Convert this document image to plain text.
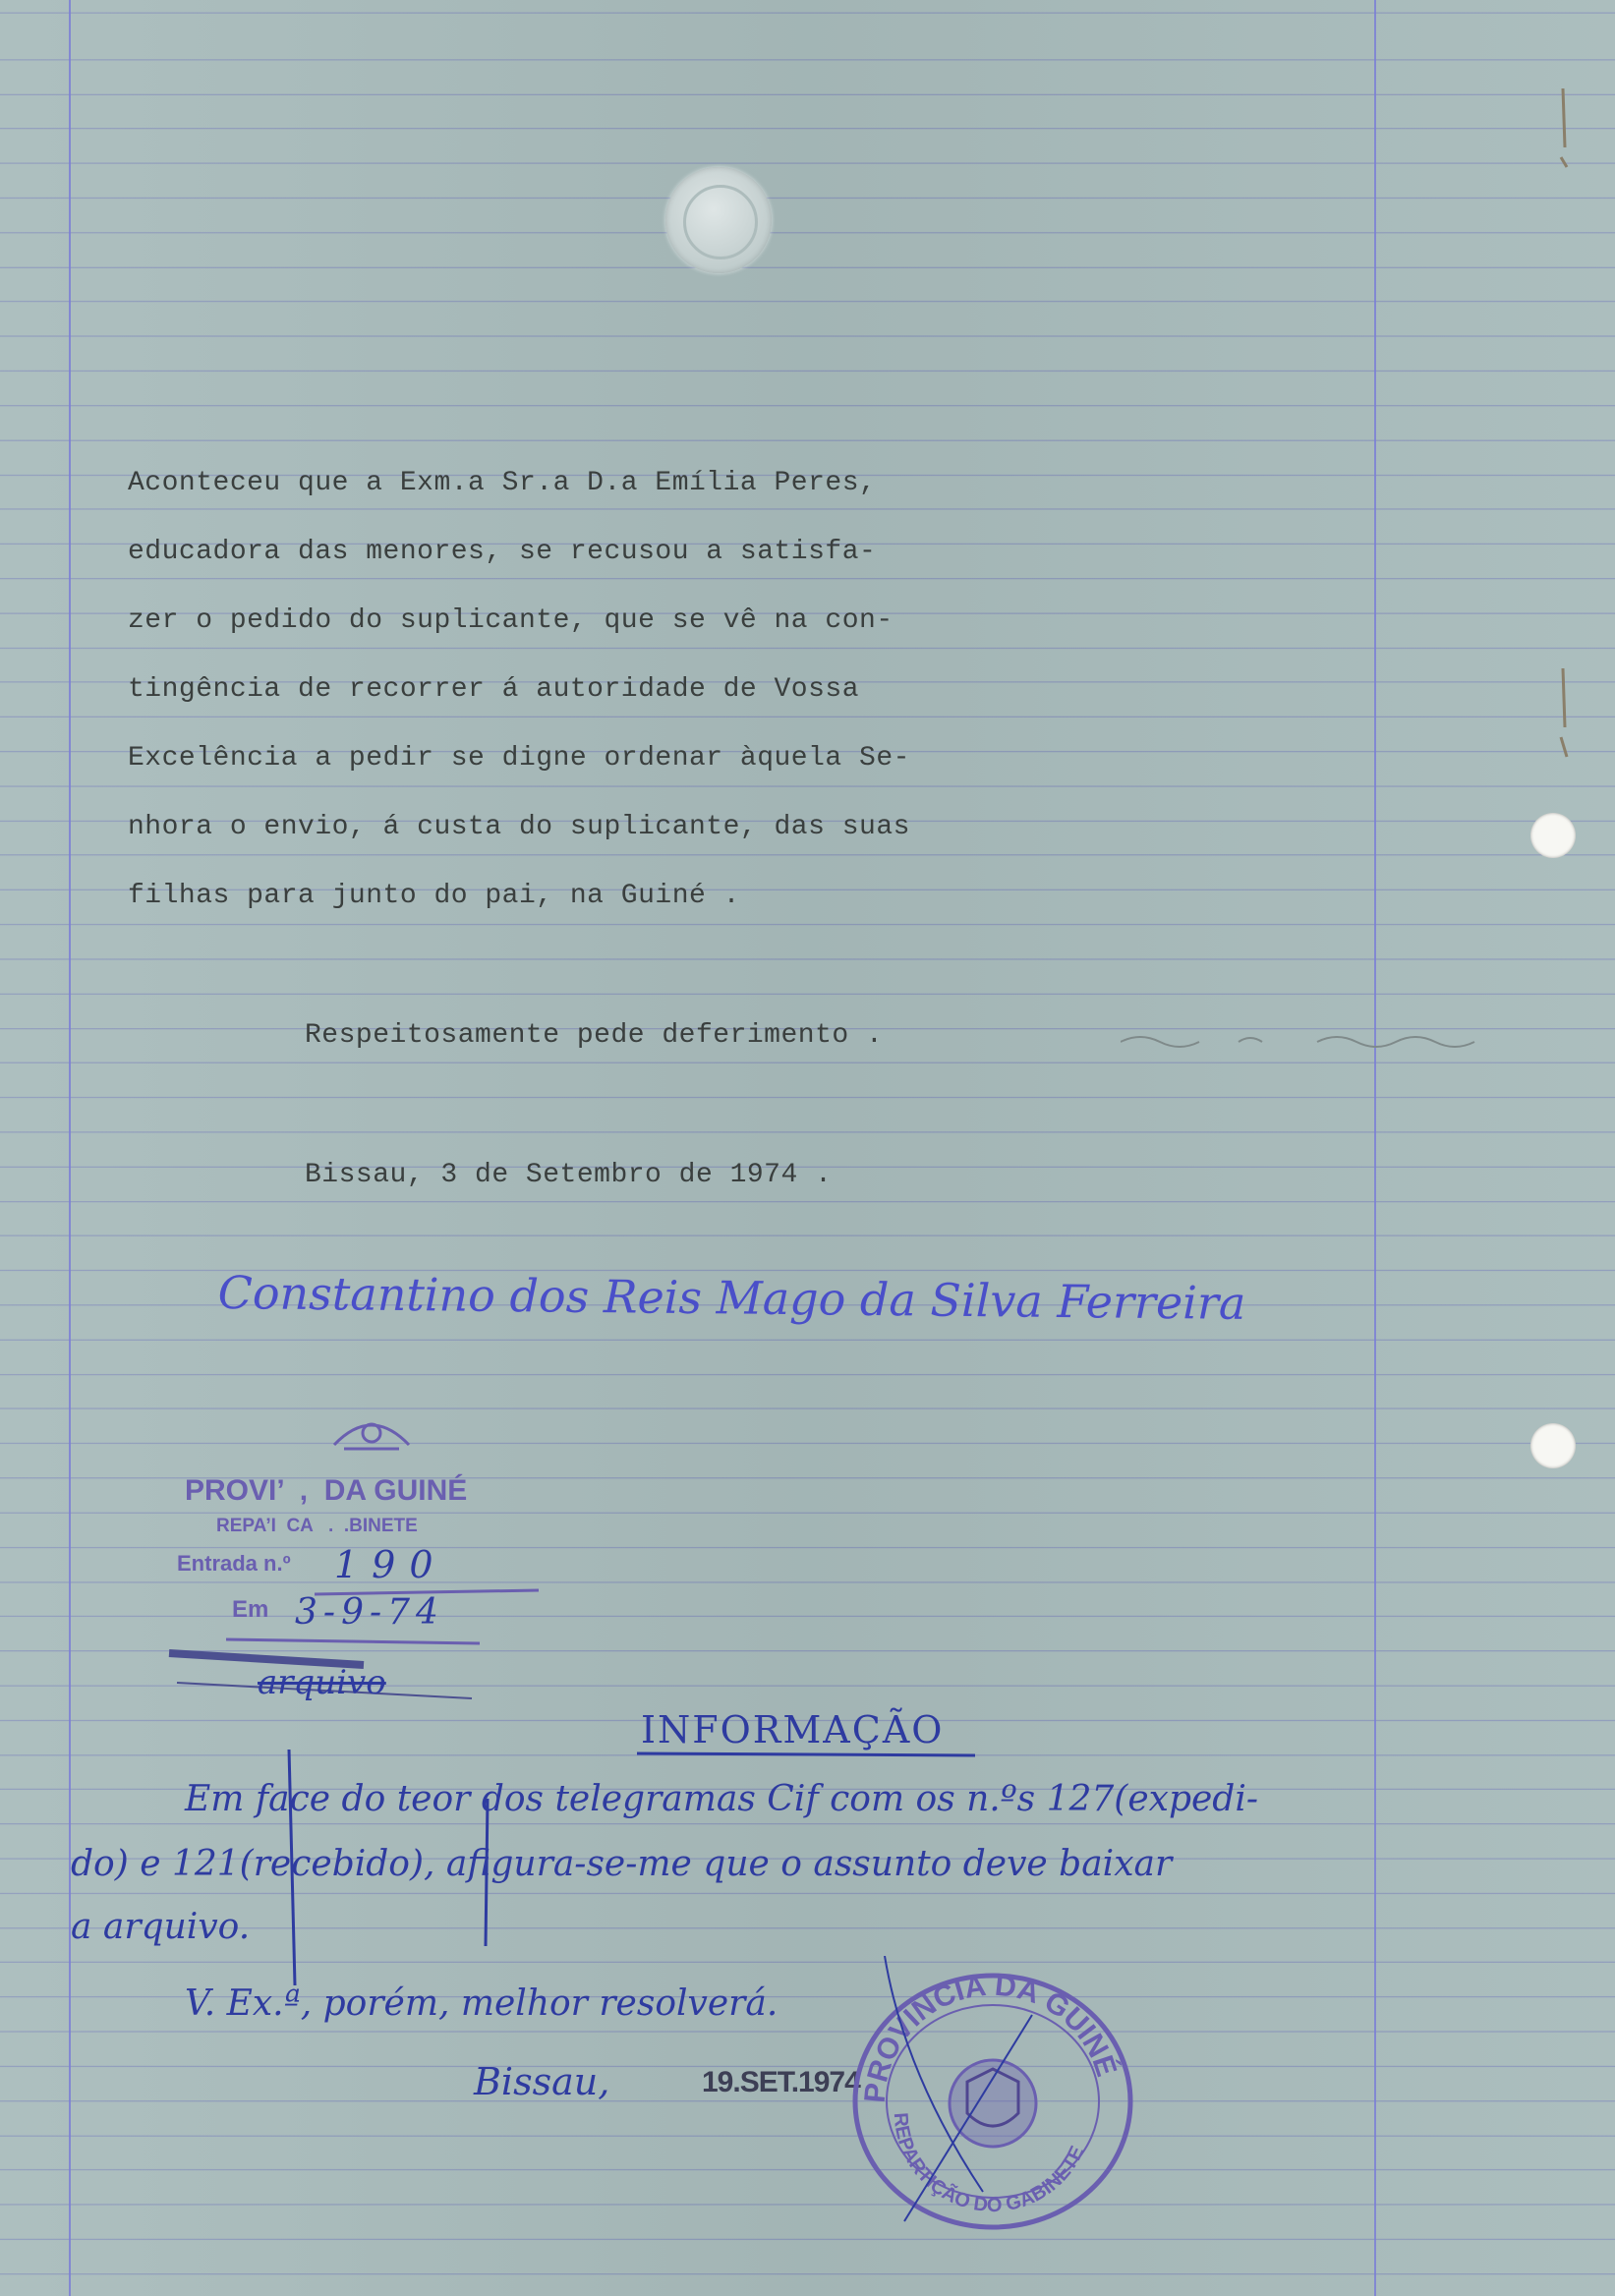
Aconteceu que a Exm.a Sr.a D.a Emília Peres,

educadora das menores, se recusou a satisfa-

zer o pedido do suplicante, que se vê na con-

tingência de recorrer á autoridade de Vossa

Excelência a pedir se digne ordenar àquela Se-

nhora o envio, á custa do suplicante, das suas

filhas para junto do pai, na Guiné .

Respeitosamente pede deferimento .

Bissau, 3 de Setembro de 1974 .

Constantino dos Reis Mago da Silva Ferreira
PROVI’  ,  DA GUINÉ
REPA’I  CA   .  .BINETE
Entrada n.º 190
Em 3-9-74
arquivo
INFORMAÇÃO
Em face do teor dos telegramas Cif com os n.ºs 127(expedi-
do) e 121(recebido), afigura-se-me que o assunto deve baixar
a arquivo.
V. Ex.ª, porém, melhor resolverá.
Bissau,	19.SET.1974
PROVÍNCIA DA GUINÉ
REPARTIÇÃO DO GABINETE
